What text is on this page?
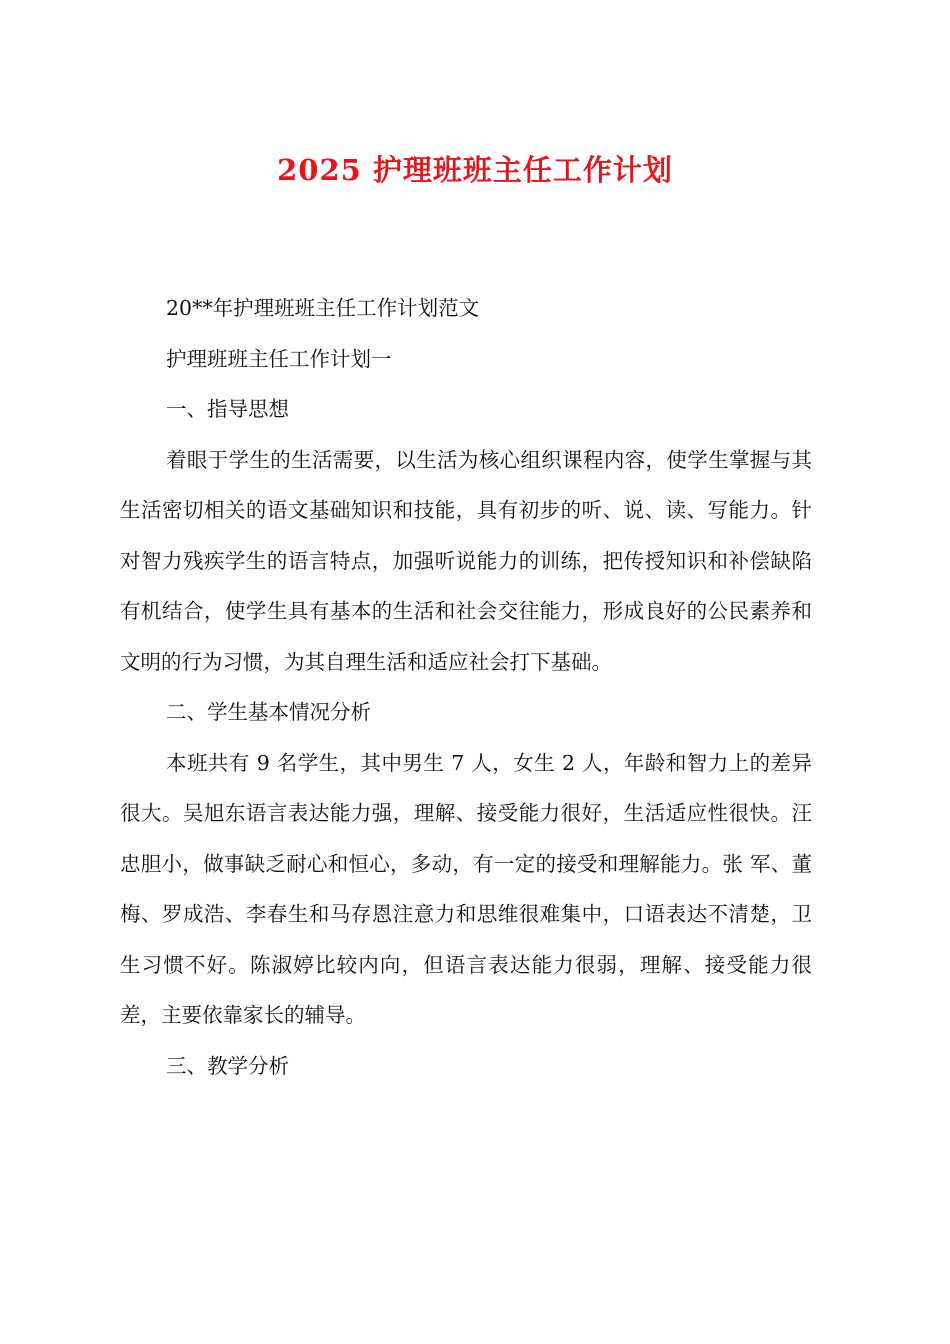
2025 护理班班主任工作计划

20**年护理班班主任工作计划范文

护理班班主任工作计划一

一、指导思想

着眼于学生的生活需要，以生活为核心组织课程内容，使学生掌握与其生活密切相关的语文基础知识和技能，具有初步的听、说、读、写能力。针对智力残疾学生的语言特点，加强听说能力的训练，把传授知识和补偿缺陷有机结合，使学生具有基本的生活和社会交往能力，形成良好的公民素养和文明的行为习惯，为其自理生活和适应社会打下基础。

二、学生基本情况分析

本班共有 9 名学生，其中男生 7 人，女生 2 人，年龄和智力上的差异很大。吴旭东语言表达能力强，理解、接受能力很好，生活适应性很快。汪忠胆小，做事缺乏耐心和恒心，多动，有一定的接受和理解能力。张 军、董梅、罗成浩、李春生和马存恩注意力和思维很难集中，口语表达不清楚，卫生习惯不好。陈淑婷比较内向，但语言表达能力很弱，理解、接受能力很差，主要依靠家长的辅导。

三、教学分析
